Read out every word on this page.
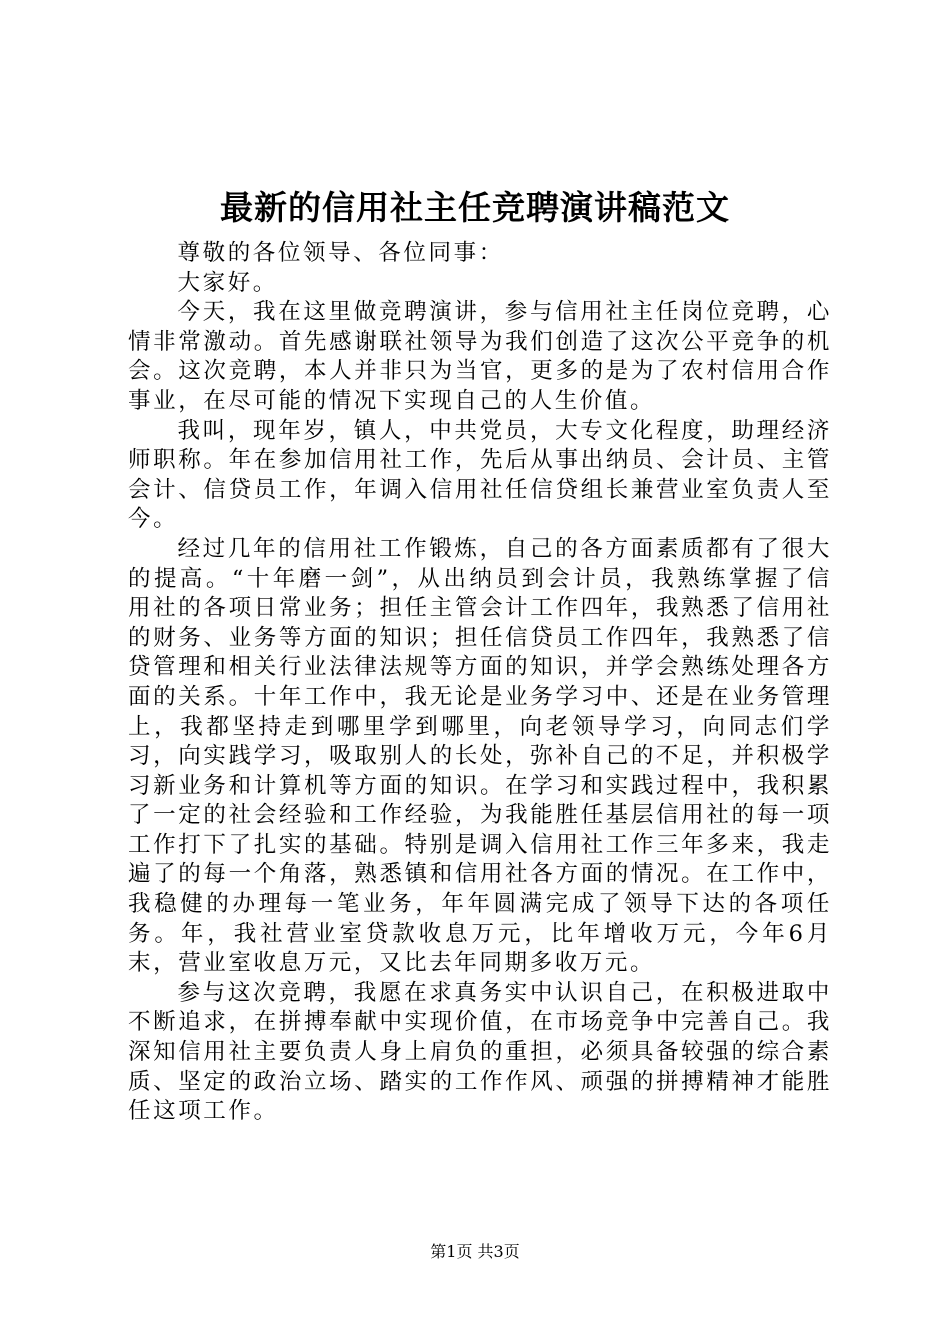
最新的信用社主任竞聘演讲稿范文

尊敬的各位领导、各位同事：

大家好。

今天，我在这里做竞聘演讲，参与信用社主任岗位竞聘，心情非常激动。首先感谢联社领导为我们创造了这次公平竞争的机会。这次竞聘，本人并非只为当官，更多的是为了农村信用合作事业，在尽可能的情况下实现自己的人生价值。

我叫，现年岁，镇人，中共党员，大专文化程度，助理经济师职称。年在参加信用社工作，先后从事出纳员、会计员、主管会计、信贷员工作，年调入信用社任信贷组长兼营业室负责人至今。

经过几年的信用社工作锻炼，自己的各方面素质都有了很大的提高。“十年磨一剑”，从出纳员到会计员，我熟练掌握了信用社的各项日常业务；担任主管会计工作四年，我熟悉了信用社的财务、业务等方面的知识；担任信贷员工作四年，我熟悉了信贷管理和相关行业法律法规等方面的知识，并学会熟练处理各方面的关系。十年工作中，我无论是业务学习中、还是在业务管理上，我都坚持走到哪里学到哪里，向老领导学习，向同志们学习，向实践学习，吸取别人的长处，弥补自己的不足，并积极学习新业务和计算机等方面的知识。在学习和实践过程中，我积累了一定的社会经验和工作经验，为我能胜任基层信用社的每一项工作打下了扎实的基础。特别是调入信用社工作三年多来，我走遍了的每一个角落，熟悉镇和信用社各方面的情况。在工作中，我稳健的办理每一笔业务，年年圆满完成了领导下达的各项任务。年，我社营业室贷款收息万元，比年增收万元，今年6月末，营业室收息万元，又比去年同期多收万元。

参与这次竞聘，我愿在求真务实中认识自己，在积极进取中不断追求，在拼搏奉献中实现价值，在市场竞争中完善自己。我深知信用社主要负责人身上肩负的重担，必须具备较强的综合素质、坚定的政治立场、踏实的工作作风、顽强的拼搏精神才能胜任这项工作。

第1页 共3页
